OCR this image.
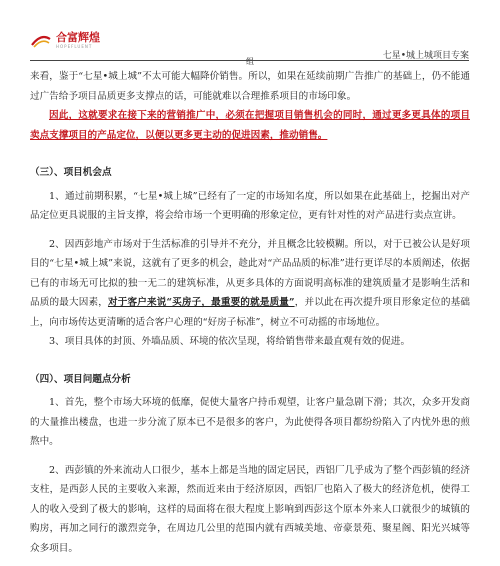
合富辉煌
HOPEFLUENT
七星•城上城项目专案
组

来看，鉴于“七星•城上城”不太可能大幅降价销售。所以，如果在延续前期广告推广的基础上，仍不能通过广告给予项目品质更多支撑点的话，可能就难以合理推系项目的市场印象。

因此，这就要求在接下来的营销推广中，必须在把握项目销售机会的同时，通过更多更具体的项目卖点支撑项目的产品定位，以便以更多更主动的促进因素，推动销售。

（三）、项目机会点

1、通过前期积累，“七星•城上城”已经有了一定的市场知名度，所以如果在此基础上，挖掘出对产品定位更具说服的主旨支撑，将会给市场一个更明确的形象定位，更有针对性的对产品进行卖点宣讲。

2、因西彭地产市场对于生活标准的引导并不充分，并且概念比较模糊。所以，对于已被公认是好项目的“七星•城上城”来说，这就有了更多的机会，趁此对“产品品质的标准”进行更详尽的本质阐述，依据已有的市场无可比拟的独一无二的建筑标准，从更多具体的方面说明高标准的建筑质量才是影响生活和品质的最大因素，对于客户来说“买房子，最重要的就是质量”，并以此在再次提升项目形象定位的基础上，向市场传达更清晰的适合客户心理的“好房子标准”，树立不可动摇的市场地位。

3、项目具体的封顶、外墙品质、环境的依次呈现，将给销售带来最直观有效的促进。

（四）、项目问题点分析

1、首先，整个市场大环境的低靡，促使大量客户持币观望，让客户量急剧下滑；其次，众多开发商的大量推出楼盘，也进一步分流了原本已不是很多的客户，为此使得各项目都纷纷陷入了内忧外患的煎熬中。

2、西彭镇的外来流动人口很少，基本上都是当地的固定居民，西铝厂几乎成为了整个西彭镇的经济支柱，是西彭人民的主要收入来源，然而近来由于经济原因，西铝厂也陷入了极大的经济危机，使得工人的收入受到了极大的影响，这样的局面将在很大程度上影响到西彭这个原本外来人口就很少的城镇的购房，再加之同行的激烈竞争，在周边几公里的范围内就有西城美地、帝豪景苑、聚星阁、阳光兴城等众多项目。
